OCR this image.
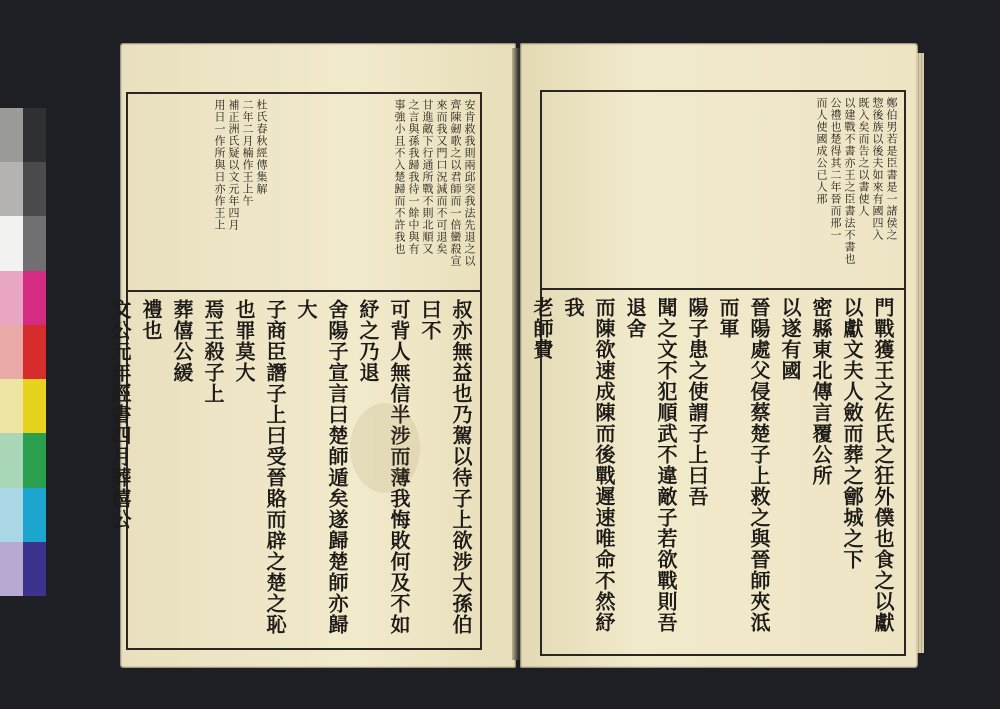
安肯救我則兩邱突我法先退之以
齊陳劒歌之以君師而一倍蠻殺宣
來而我又門口況減而不可退矣
甘進敵下行通所戰不則北順又
之言與孫我歸我待一餘中與有
事強小且不入楚歸而不許我也
杜氏春秋經傳集解
二年二月楠作王上午
補正洲氏疑以文元年四月
用日一作所與日亦作王上
叔亦無益也乃駕以待子上欲涉大孫伯曰不
可背人無信半涉而薄我悔敗何及不如紓之乃退
舍陽子宣言曰楚師遁矣遂歸楚師亦歸大
子商臣譖子上曰受晉賂而辟之楚之恥也罪莫大
焉王殺子上
葬僖公緩
禮也
文公元年經書四月葬僖公
鄭伯男若是臣書是一諸侯之
惣後族以後夫如來有國四入
既入矣而告之以書使人
以建戰不書亦王之臣書法不書也
公禮也楚得其二年晉而邢一
而人使國成公已人邢
門戰獲王之佐氏之狂外僕也食之以獻
以獻文夫人斂而葬之鄶城之下
密縣東北傳言覆公所
以遂有國
晉陽處父侵蔡楚子上救之與晉師夾泜而軍
陽子患之使謂子上曰吾
聞之文不犯順武不違敵子若欲戰則吾退舍
而陳欲速成陳而後戰遲速唯命不然紓我
老師費
